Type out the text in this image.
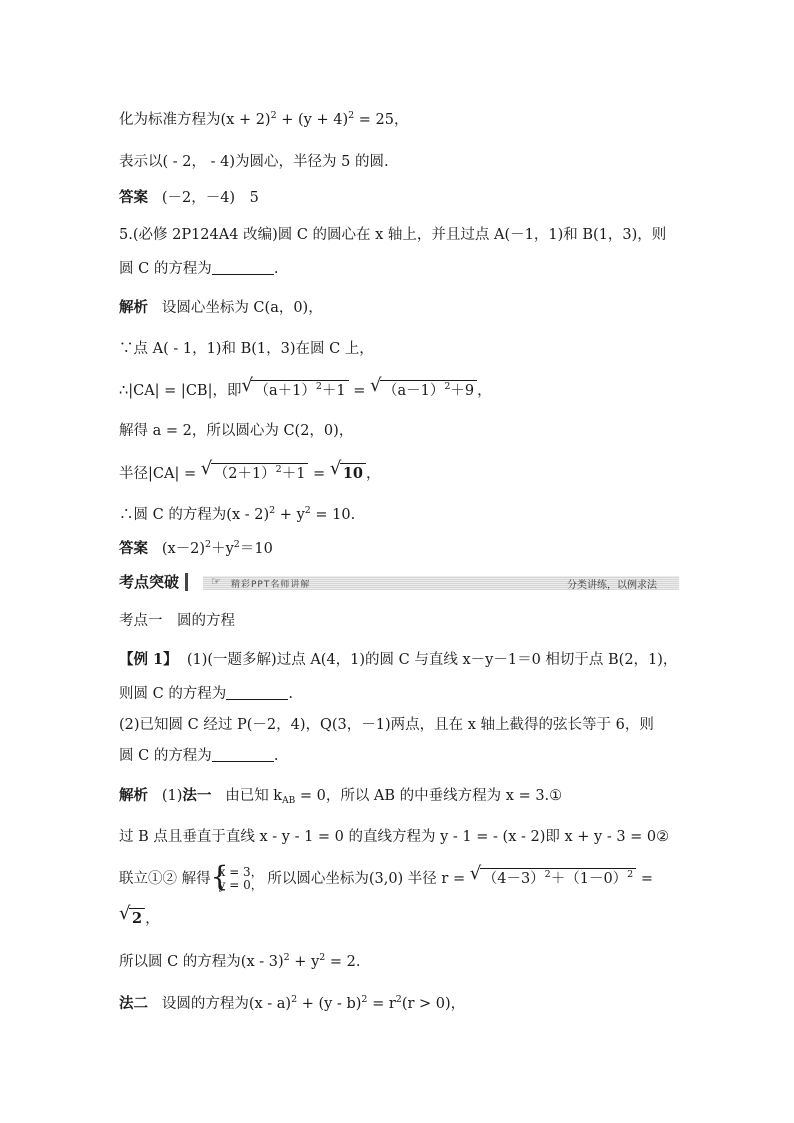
化为标准方程为$(x + 2)^2 + (y + 4)^2 = 25$，
表示以( - 2， - 4)为圆心，半径为 5 的圆.
答案 (－2，－4)　5
5.(必修 2P124A4 改编)圆 C 的圆心在 x 轴上，并且过点 A(－1，1)和 B(1，3)，则
圆 C 的方程为	.
解析 设圆心坐标为 C(a，0)，
∵点 A( - 1，1)和 B(1，3)在圆 C 上，
∴|CA| = |CB|，即 √ $(a+1)^2+1$ = √ $(a-1)^2+9$ ，
解得 a = 2，所以圆心为 C(2，0)，
半径|CA| = √ $(2+1)^2+1$ = √ 10 ，
∴圆 C 的方程为$(x - 2)^2 + y^2 = 10$.
答案 $(x-2)^2+y^2=10$
考点突破	☞ 精彩PPT名师讲解	分类讲练，以例求法
考点一　圆的方程
【例 1】 (1)(一题多解)过点 A(4，1)的圆 C 与直线 x－y－1＝0 相切于点 B(2，1)，
则圆 C 的方程为	.
(2)已知圆 C 经过 P(－2，4)，Q(3，－1)两点，且在 x 轴上截得的弦长等于 6，则
圆 C 的方程为	.
解析 (1)法一 由已知 $k_{AB} = 0$，所以 AB 的中垂线方程为 x = 3.①
过 B 点且垂直于直线 x - y - 1 = 0 的直线方程为 y - 1 = - (x - 2)即 x + y - 3 = 0②
联立①② 解得 {
x = 3，
y = 0， 所以圆心坐标为(3,0) 半径 r = √ $(4-3)^2+(1-0)^2$ =
√ 2 ，
所以圆 C 的方程为$(x - 3)^2 + y^2 = 2$.
法二 设圆的方程为$(x - a)^2 + (y - b)^2 = r^2(r > 0)$，
